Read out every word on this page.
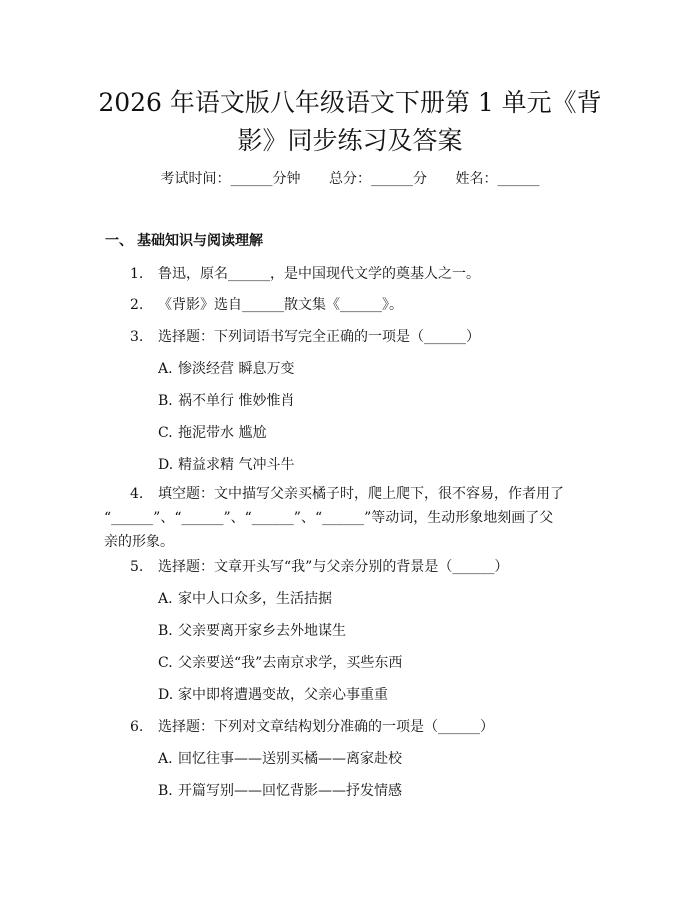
2026 年语文版八年级语文下册第 1 单元《背
影》同步练习及答案
考试时间：______分钟 总分：______分 姓名：______
一、 基础知识与阅读理解
1. 鲁迅，原名______，是中国现代文学的奠基人之一。
2. 《背影》选自______散文集《______》。
3. 选择题：下列词语书写完全正确的一项是（______）
A. 惨淡经营 瞬息万变
B. 祸不单行 惟妙惟肖
C. 拖泥带水 尴尬
D. 精益求精 气冲斗牛
4. 填空题：文中描写父亲买橘子时，爬上爬下，很不容易，作者用了
“______”、“______”、“______”、“______”等动词，生动形象地刻画了父
亲的形象。
5. 选择题：文章开头写“我”与父亲分别的背景是（______）
A. 家中人口众多，生活拮据
B. 父亲要离开家乡去外地谋生
C. 父亲要送“我”去南京求学，买些东西
D. 家中即将遭遇变故，父亲心事重重
6. 选择题：下列对文章结构划分准确的一项是（______）
A. 回忆往事——送别买橘——离家赴校
B. 开篇写别——回忆背影——抒发情感
